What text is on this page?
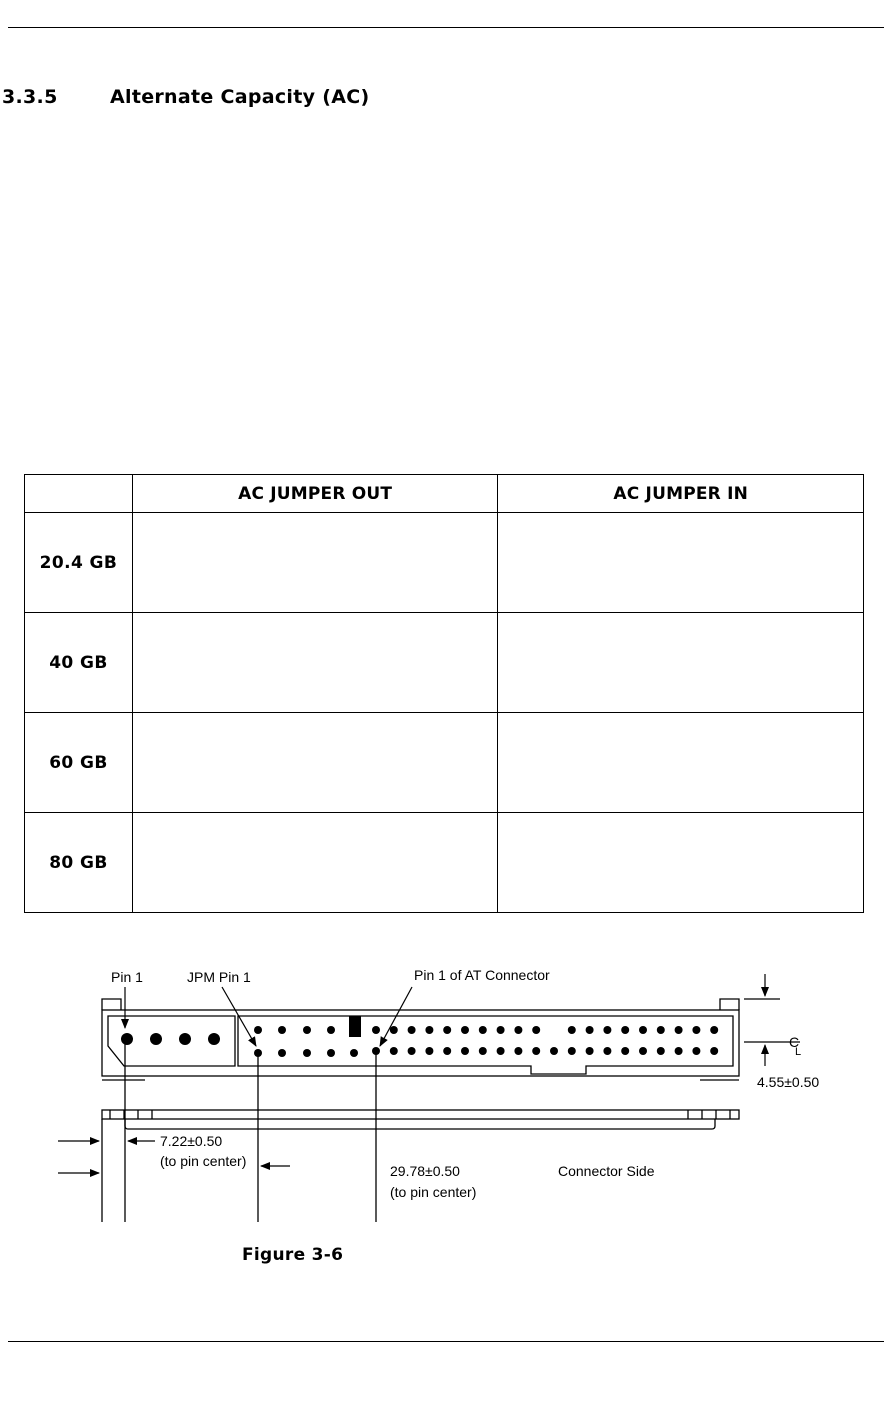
3.3.5	Alternate Capacity (AC)
	AC JUMPER OUT	AC JUMPER IN
20.4 GB		
40 GB		
60 GB		
80 GB		
Pin 1	JPM Pin 1	Pin 1 of AT Connector
C
L
4.55±0.50
7.22±0.50
(to pin center)
29.78±0.50
(to pin center)
Connector Side
Figure 3-6
